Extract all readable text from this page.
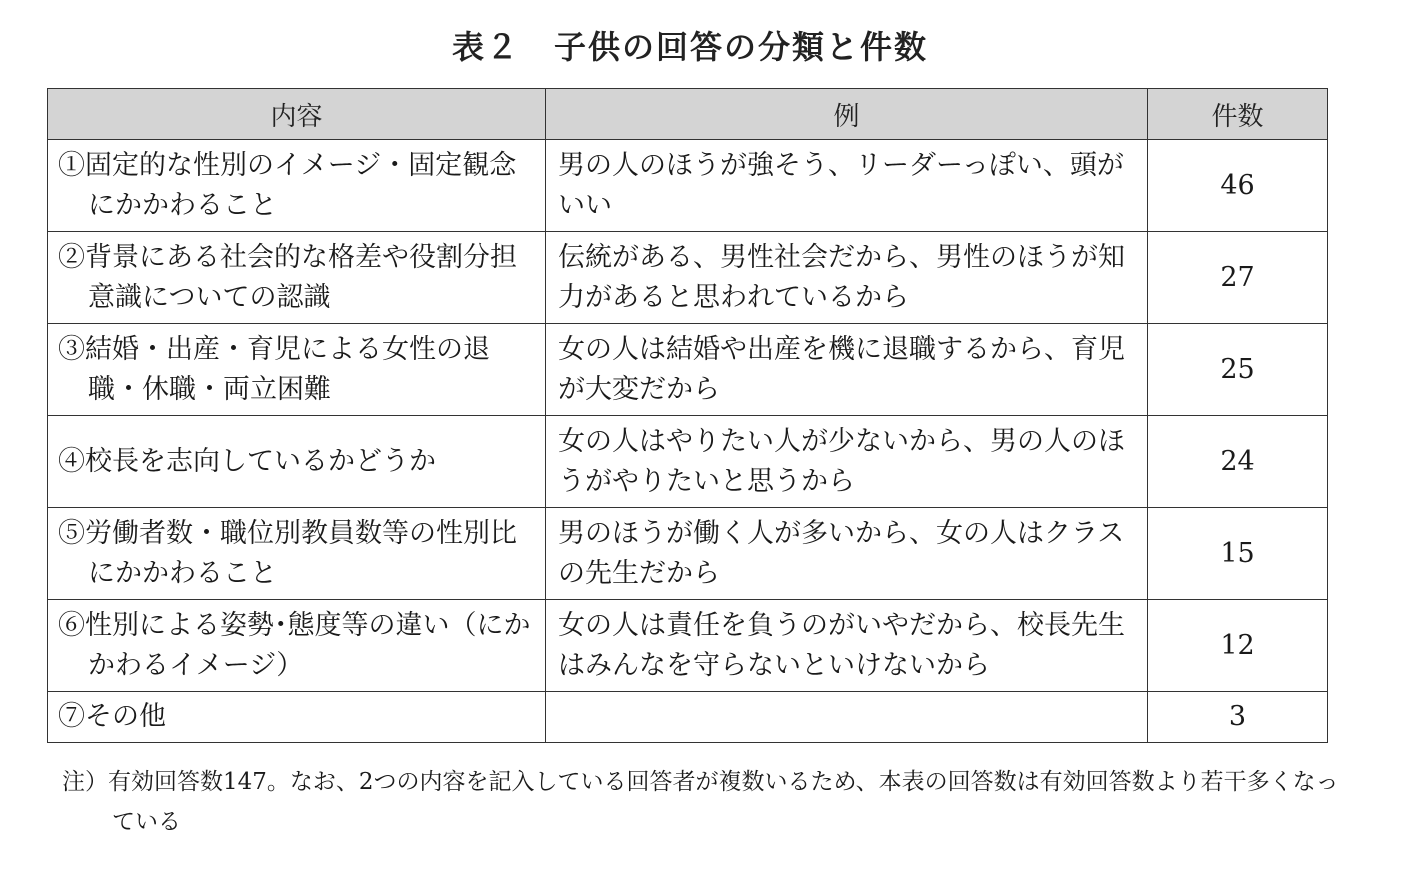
表２　子供の回答の分類と件数
内容	例	件数

①固定的な性別のイメージ・固定観念にかかわること	男の人のほうが強そう、リーダーっぽい、頭がいい	46

②背景にある社会的な格差や役割分担意識についての認識	伝統がある、男性社会だから、男性のほうが知力があると思われているから	27

③結婚・出産・育児による女性の退職・休職・両立困難	女の人は結婚や出産を機に退職するから、育児が大変だから	25

④校長を志向しているかどうか	女の人はやりたい人が少ないから、男の人のほうがやりたいと思うから	24

⑤労働者数・職位別教員数等の性別比にかかわること	男のほうが働く人が多いから、女の人はクラスの先生だから	15

⑥性別による姿勢･態度等の違い（にかかわるイメージ）	女の人は責任を負うのがいやだから、校長先生はみんなを守らないといけないから	12

⑦その他		3
注）有効回答数147。なお、2つの内容を記入している回答者が複数いるため、本表の回答数は有効回答数より若干多くなっている
